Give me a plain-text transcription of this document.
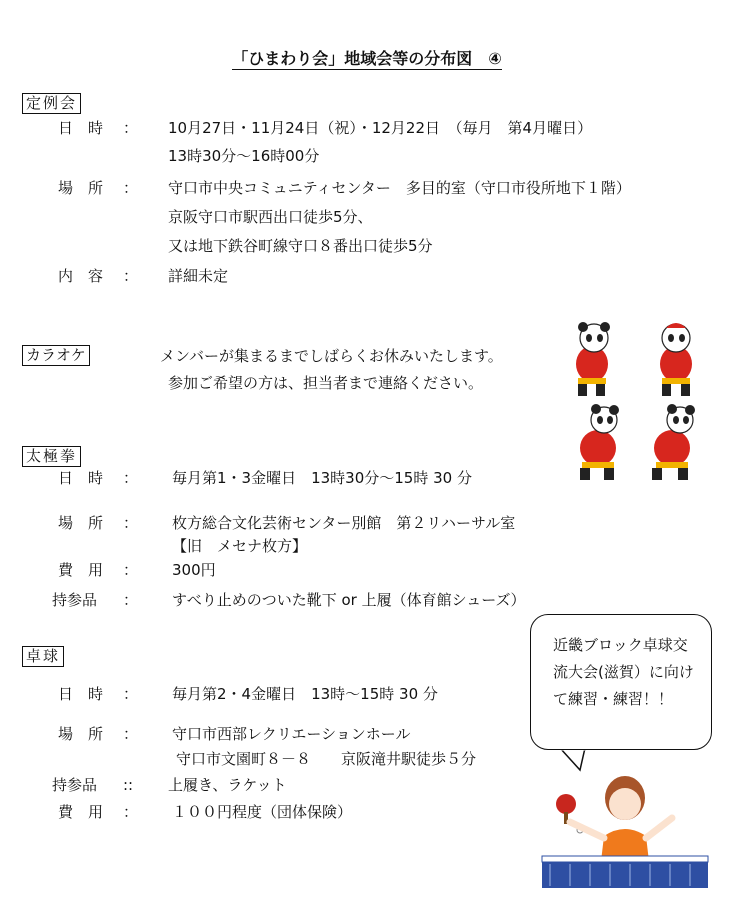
「ひまわり会」地域会等の分布図　④
定例会
日　時 ： 10月27日・11月24日（祝）・12月22日　（毎月　第4月曜日）
13時30分～16時00分
場　所 ： 守口市中央コミュニティセンター　多目的室（守口市役所地下１階）
京阪守口市駅西出口徒歩5分、
又は地下鉄谷町線守口８番出口徒歩5分
内　容 ： 詳細未定
カラオケ	メンバーが集まるまでしばらくお休みいたします。
参加ご希望の方は、担当者まで連絡ください。
太極拳
日　時 ： 毎月第1・3金曜日　13時30分～15時 30 分
場　所 ： 枚方総合文化芸術センター別館　第２リハーサル室
【旧　メセナ枚方】
費　用 ： 300円
持参品 ： すべり止めのついた靴下 or 上履（体育館シューズ）
卓球
日　時 ： 毎月第2・4金曜日　13時～15時 30 分
場　所 ： 守口市西部レクリエーションホール
守口市文園町８－８　　京阪滝井駅徒歩５分
持参品 :: 上履き、ラケット
費　用 ： １００円程度（団体保険）
近畿ブロック卓球交流大会(滋賀）に向けて練習・練習！！
